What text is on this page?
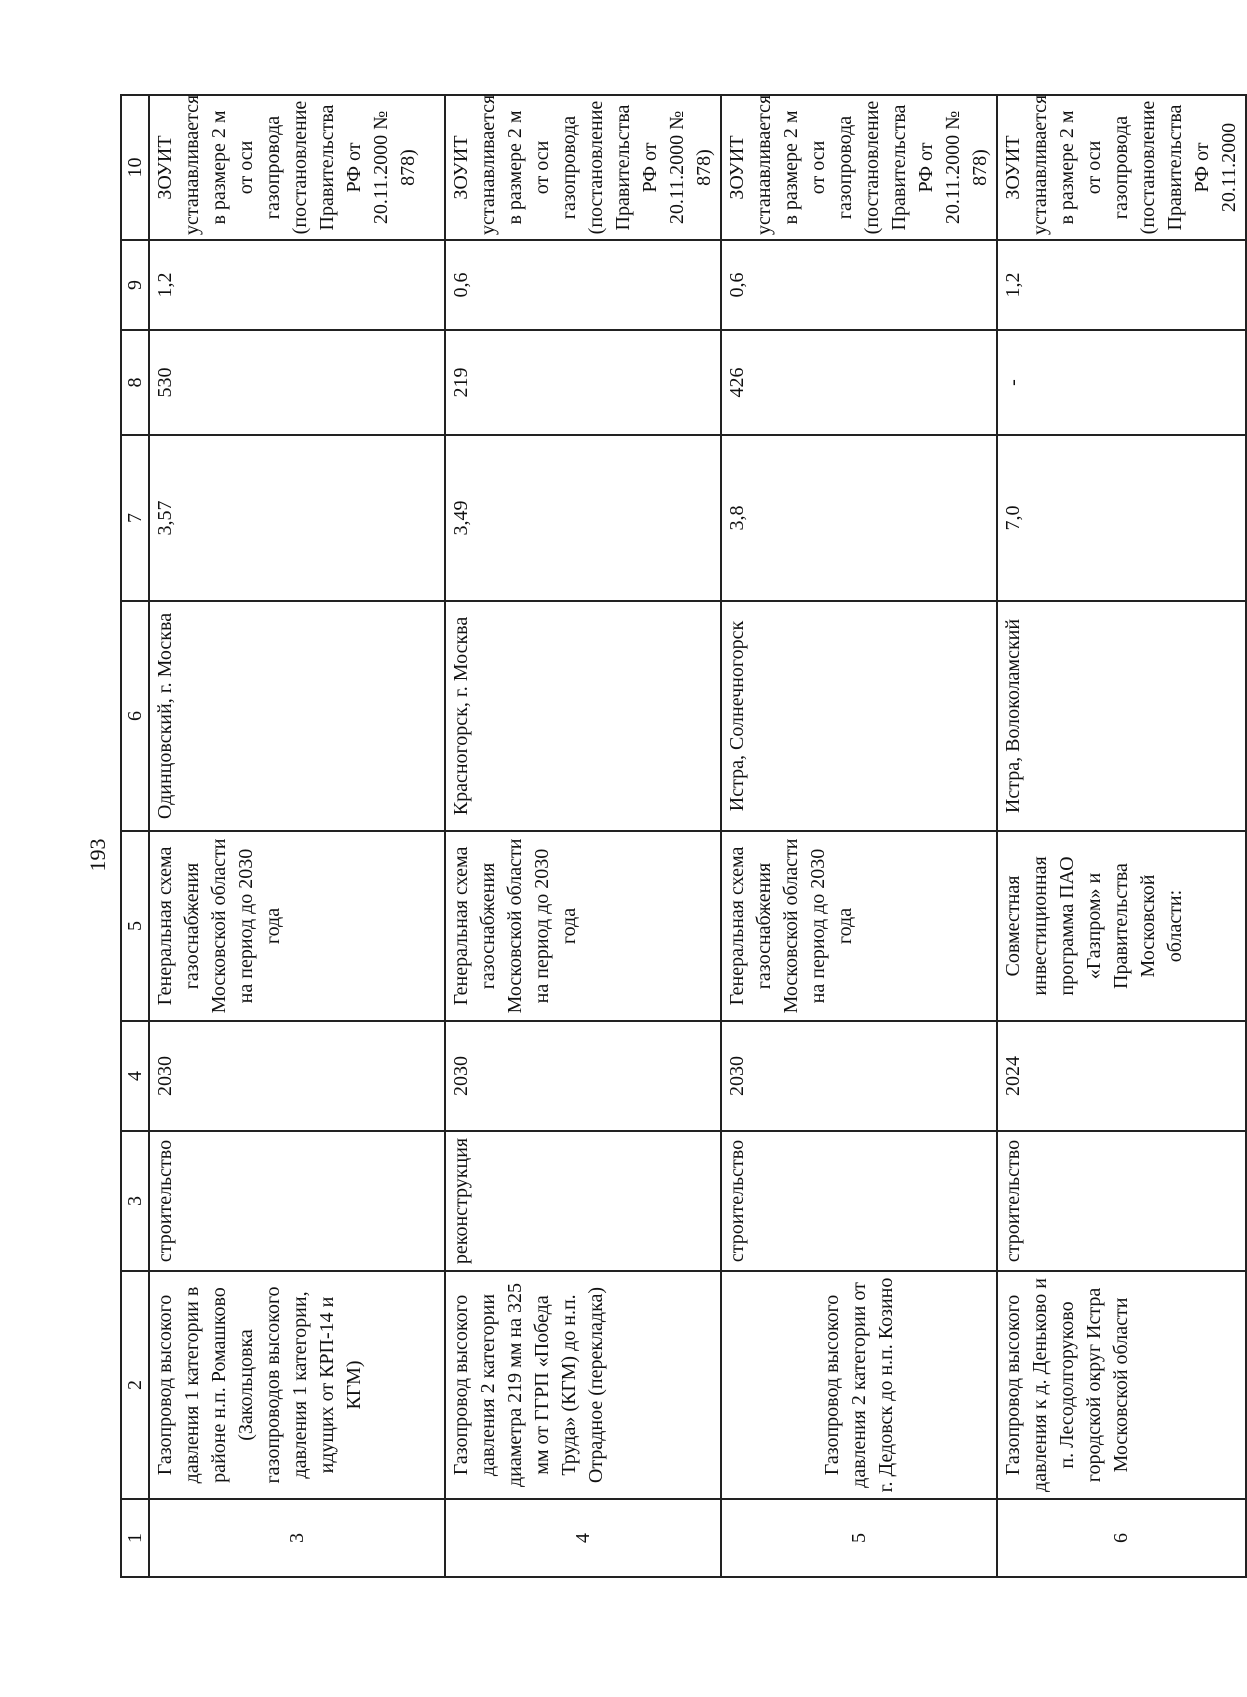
193
1	2	3	4	5	6	7	8	9	10
3	Газопровод высокого давления 1 категории в районе н.п. Ромашково (Закольцовка газопроводов высокого давления 1 категории, идущих от КРП-14 и КГМ)	строительство	2030	Генеральная схема газоснабжения Московской области на период до 2030 года	Одинцовский, г. Москва	3,57	530	1,2	ЗОУИТ устанавливается в размере 2 м от оси газопровода (постановление Правительства РФ от 20.11.2000 № 878)
4	Газопровод высокого давления 2 категории диаметра 219 мм на 325 мм от ГГРП «Победа Труда» (КГМ) до н.п. Отрадное (перекладка)	реконструкция	2030	Генеральная схема газоснабжения Московской области на период до 2030 года	Красногорск, г. Москва	3,49	219	0,6	ЗОУИТ устанавливается в размере 2 м от оси газопровода (постановление Правительства РФ от 20.11.2000 № 878)
5	Газопровод высокого давления 2 категории от г. Дедовск до н.п. Козино	строительство	2030	Генеральная схема газоснабжения Московской области на период до 2030 года	Истра, Солнечногорск	3,8	426	0,6	ЗОУИТ устанавливается в размере 2 м от оси газопровода (постановление Правительства РФ от 20.11.2000 № 878)
6	Газопровод высокого давления к д. Деньково и п. Лесодолгоруково городской округ Истра Московской области	строительство	2024	Совместная инвестиционная программа ПАО «Газпром» и Правительства Московской области:	Истра, Волоколамский	7,0	-	1,2	ЗОУИТ устанавливается в размере 2 м от оси газопровода (постановление Правительства РФ от 20.11.2000
